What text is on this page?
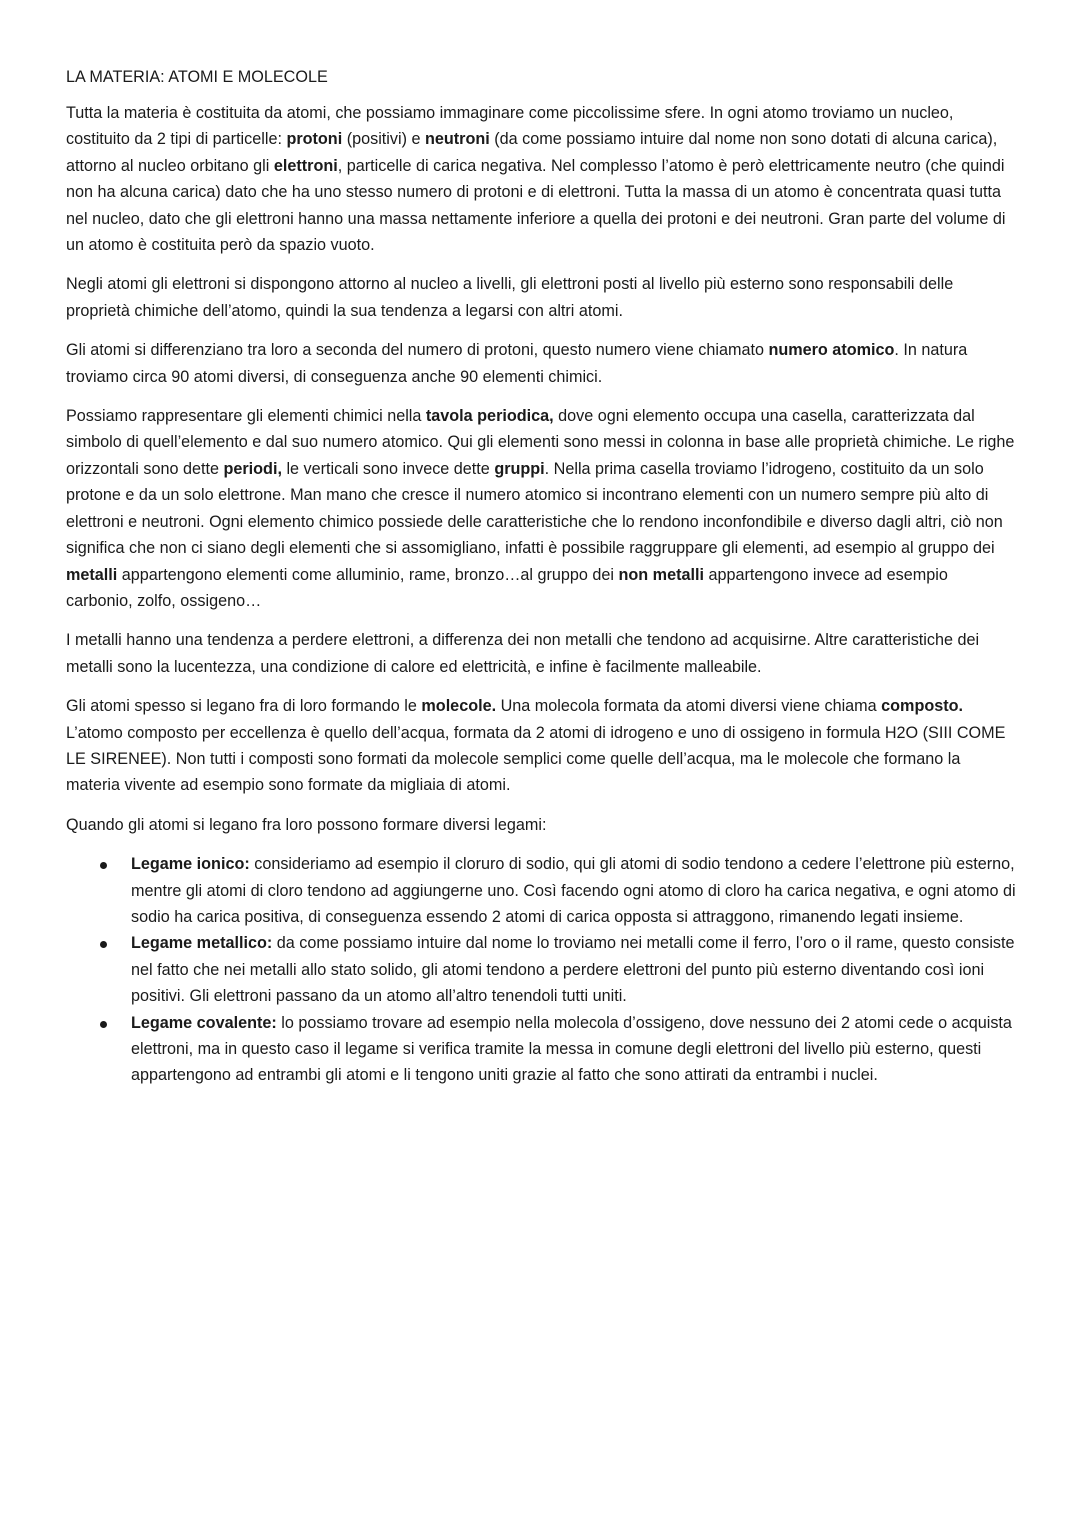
LA MATERIA: ATOMI E MOLECOLE

Tutta la materia è costituita da atomi, che possiamo immaginare come piccolissime sfere. In ogni atomo troviamo un nucleo, costituito da 2 tipi di particelle: protoni (positivi) e neutroni (da come possiamo intuire dal nome non sono dotati di alcuna carica), attorno al nucleo orbitano gli elettroni, particelle di carica negativa. Nel complesso l’atomo è però elettricamente neutro (che quindi non ha alcuna carica) dato che ha uno stesso numero di protoni e di elettroni. Tutta la massa di un atomo è concentrata quasi tutta nel nucleo, dato che gli elettroni hanno una massa nettamente inferiore a quella dei protoni e dei neutroni. Gran parte del volume di un atomo è costituita però da spazio vuoto.

Negli atomi gli elettroni si dispongono attorno al nucleo a livelli, gli elettroni posti al livello più esterno sono responsabili delle proprietà chimiche dell’atomo, quindi la sua tendenza a legarsi con altri atomi.

Gli atomi si differenziano tra loro a seconda del numero di protoni, questo numero viene chiamato numero atomico. In natura troviamo circa 90 atomi diversi, di conseguenza anche 90 elementi chimici.

Possiamo rappresentare gli elementi chimici nella tavola periodica, dove ogni elemento occupa una casella, caratterizzata dal simbolo di quell’elemento e dal suo numero atomico. Qui gli elementi sono messi in colonna in base alle proprietà chimiche. Le righe orizzontali sono dette periodi, le verticali sono invece dette gruppi. Nella prima casella troviamo l’idrogeno, costituito da un solo protone e da un solo elettrone. Man mano che cresce il numero atomico si incontrano elementi con un numero sempre più alto di elettroni e neutroni. Ogni elemento chimico possiede delle caratteristiche che lo rendono inconfondibile e diverso dagli altri, ciò non significa che non ci siano degli elementi che si assomigliano, infatti è possibile raggruppare gli elementi, ad esempio al gruppo dei metalli appartengono elementi come alluminio, rame, bronzo…al gruppo dei non metalli appartengono invece ad esempio carbonio, zolfo, ossigeno…

I metalli hanno una tendenza a perdere elettroni, a differenza dei non metalli che tendono ad acquisirne. Altre caratteristiche dei metalli sono la lucentezza, una condizione di calore ed elettricità, e infine è facilmente malleabile.

Gli atomi spesso si legano fra di loro formando le molecole. Una molecola formata da atomi diversi viene chiama composto. L’atomo composto per eccellenza è quello dell’acqua, formata da 2 atomi di idrogeno e uno di ossigeno in formula H2O (SIII COME LE SIRENEE). Non tutti i composti sono formati da molecole semplici come quelle dell’acqua, ma le molecole che formano la materia vivente ad esempio sono formate da migliaia di atomi.

Quando gli atomi si legano fra loro possono formare diversi legami:

Legame ionico: consideriamo ad esempio il cloruro di sodio, qui gli atomi di sodio tendono a cedere l’elettrone più esterno, mentre gli atomi di cloro tendono ad aggiungerne uno. Così facendo ogni atomo di cloro ha carica negativa, e ogni atomo di sodio ha carica positiva, di conseguenza essendo 2 atomi di carica opposta si attraggono, rimanendo legati insieme.
Legame metallico: da come possiamo intuire dal nome lo troviamo nei metalli come il ferro, l’oro o il rame, questo consiste nel fatto che nei metalli allo stato solido, gli atomi tendono a perdere elettroni del punto più esterno diventando così ioni positivi. Gli elettroni passano da un atomo all’altro tenendoli tutti uniti.
Legame covalente: lo possiamo trovare ad esempio nella molecola d’ossigeno, dove nessuno dei 2 atomi cede o acquista elettroni, ma in questo caso il legame si verifica tramite la messa in comune degli elettroni del livello più esterno, questi appartengono ad entrambi gli atomi e li tengono uniti grazie al fatto che sono attirati da entrambi i nuclei.
